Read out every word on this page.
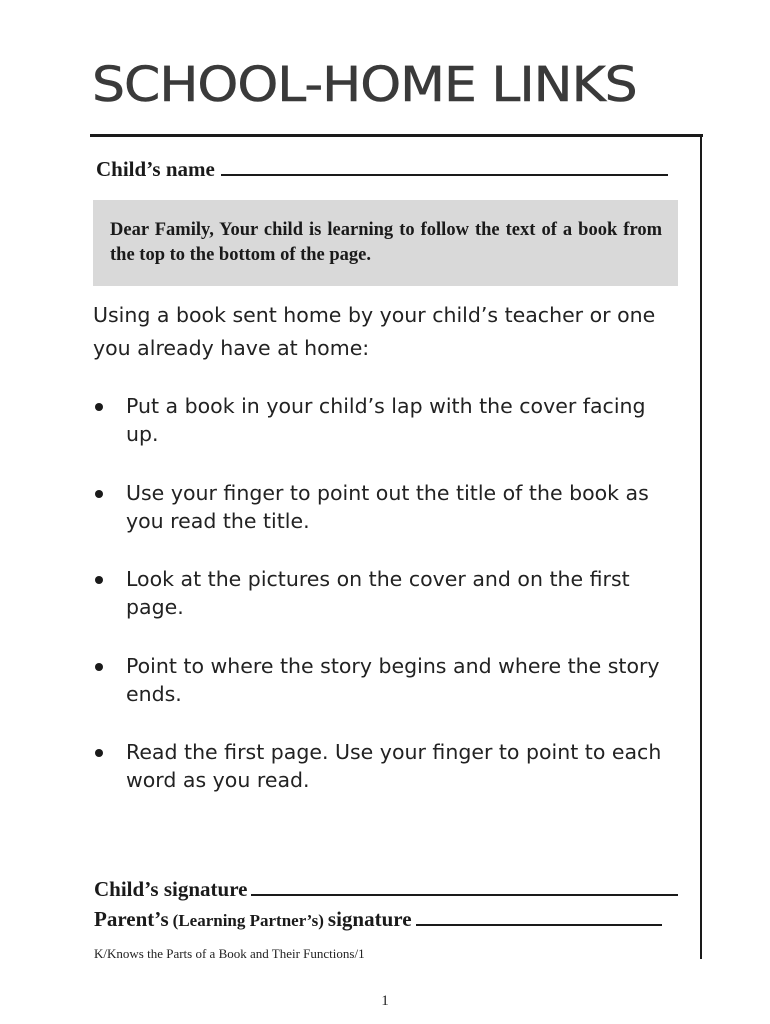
SCHOOL-HOME LINKS
Child’s name
Dear Family, Your child is learning to follow the text of a book from the top to the bottom of the page.
Using a book sent home by your child’s teacher or one you already have at home:
Put a book in your child’s lap with the cover facing up.
Use your finger to point out the title of the book as you read the title.
Look at the pictures on the cover and on the first page.
Point to where the story begins and where the story ends.
Read the first page. Use your finger to point to each word as you read.
Child’s signature
Parent’s (Learning Partner’s) signature
K/Knows the Parts of a Book and Their Functions/1
1
